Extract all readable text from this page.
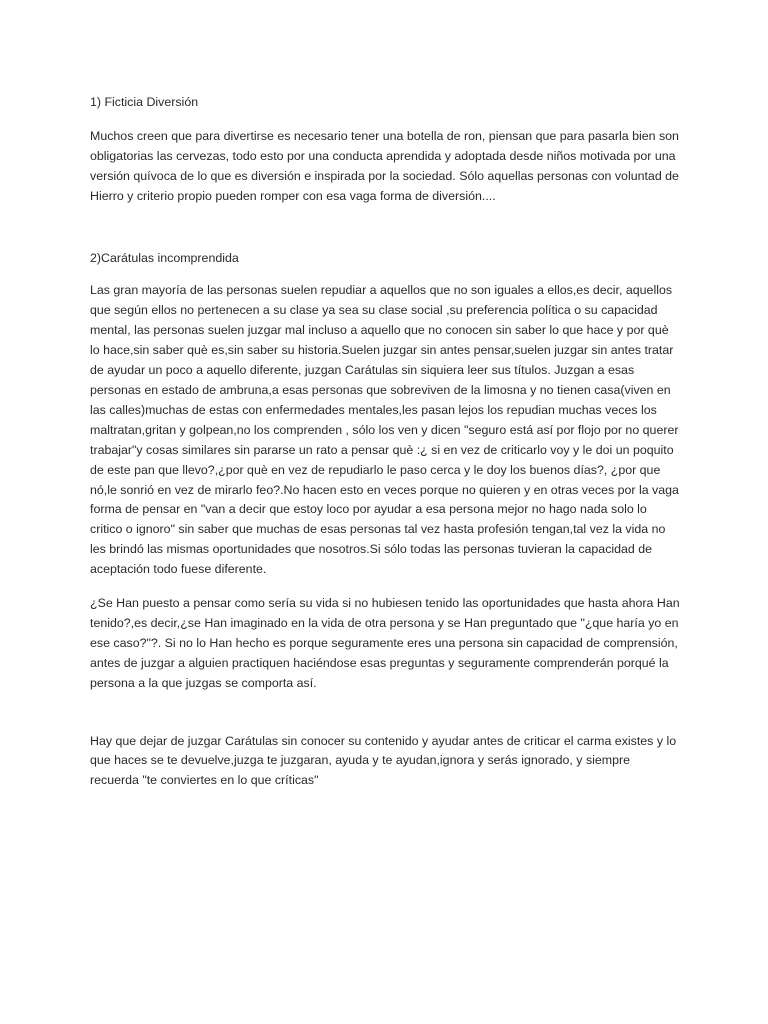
1) Ficticia Diversión

Muchos creen que para divertirse es necesario tener una botella de ron, piensan que para pasarla bien son obligatorias las cervezas, todo esto por una conducta aprendida y adoptada desde niños motivada por una versión quívoca de lo que es diversión e inspirada por la sociedad. Sólo aquellas personas con voluntad de Hierro y criterio propio pueden romper con esa vaga forma de diversión....

2)Carátulas incomprendida

Las gran mayoría de las personas suelen repudiar a aquellos que no son iguales a ellos,es decir, aquellos que según ellos no pertenecen a su clase ya sea su clase social ,su preferencia política o su capacidad mental, las personas suelen juzgar mal incluso a aquello que no conocen sin saber lo que hace y por què lo hace,sin saber què es,sin saber su historia.Suelen juzgar sin antes pensar,suelen juzgar sin antes tratar de ayudar un poco a aquello diferente, juzgan Carátulas sin siquiera leer sus títulos. Juzgan a esas personas en estado de ambruna,a esas personas que sobreviven de la limosna y no tienen casa(viven en las calles)muchas de estas con enfermedades mentales,les pasan lejos los repudian muchas veces los maltratan,gritan y golpean,no los comprenden , sólo los ven y dicen "seguro está así por flojo por no querer trabajar"y cosas similares sin pararse un rato a pensar què :¿ si en vez de criticarlo voy y le doi un poquito de este pan que llevo?,¿por què en vez de repudiarlo le paso cerca y le doy los buenos días?, ¿por que nó,le sonrió en vez de mirarlo feo?.No hacen esto en veces porque no quieren y en otras veces por la vaga forma de pensar en "van a decir que estoy loco por ayudar a esa persona mejor no hago nada solo lo critico o ignoro" sin saber que muchas de esas personas tal vez hasta profesión tengan,tal vez la vida no les brindó las mismas oportunidades que nosotros.Si sólo todas las personas tuvieran la capacidad de aceptación todo fuese diferente.

¿Se Han puesto a pensar como sería su vida si no hubiesen tenido las oportunidades que hasta ahora Han tenido?,es decir,¿se Han imaginado en la vida de otra persona y se Han preguntado que "¿que haría yo en ese caso?"?. Si no lo Han hecho es porque seguramente eres una persona sin capacidad de comprensión, antes de juzgar a alguien practiquen haciéndose esas preguntas y seguramente comprenderán porqué la persona a la que juzgas se comporta así.

Hay que dejar de juzgar Carátulas sin conocer su contenido y ayudar antes de criticar el carma existes y lo que haces se te devuelve,juzga te juzgaran, ayuda y te ayudan,ignora y serás ignorado, y siempre recuerda "te conviertes en lo que críticas"
